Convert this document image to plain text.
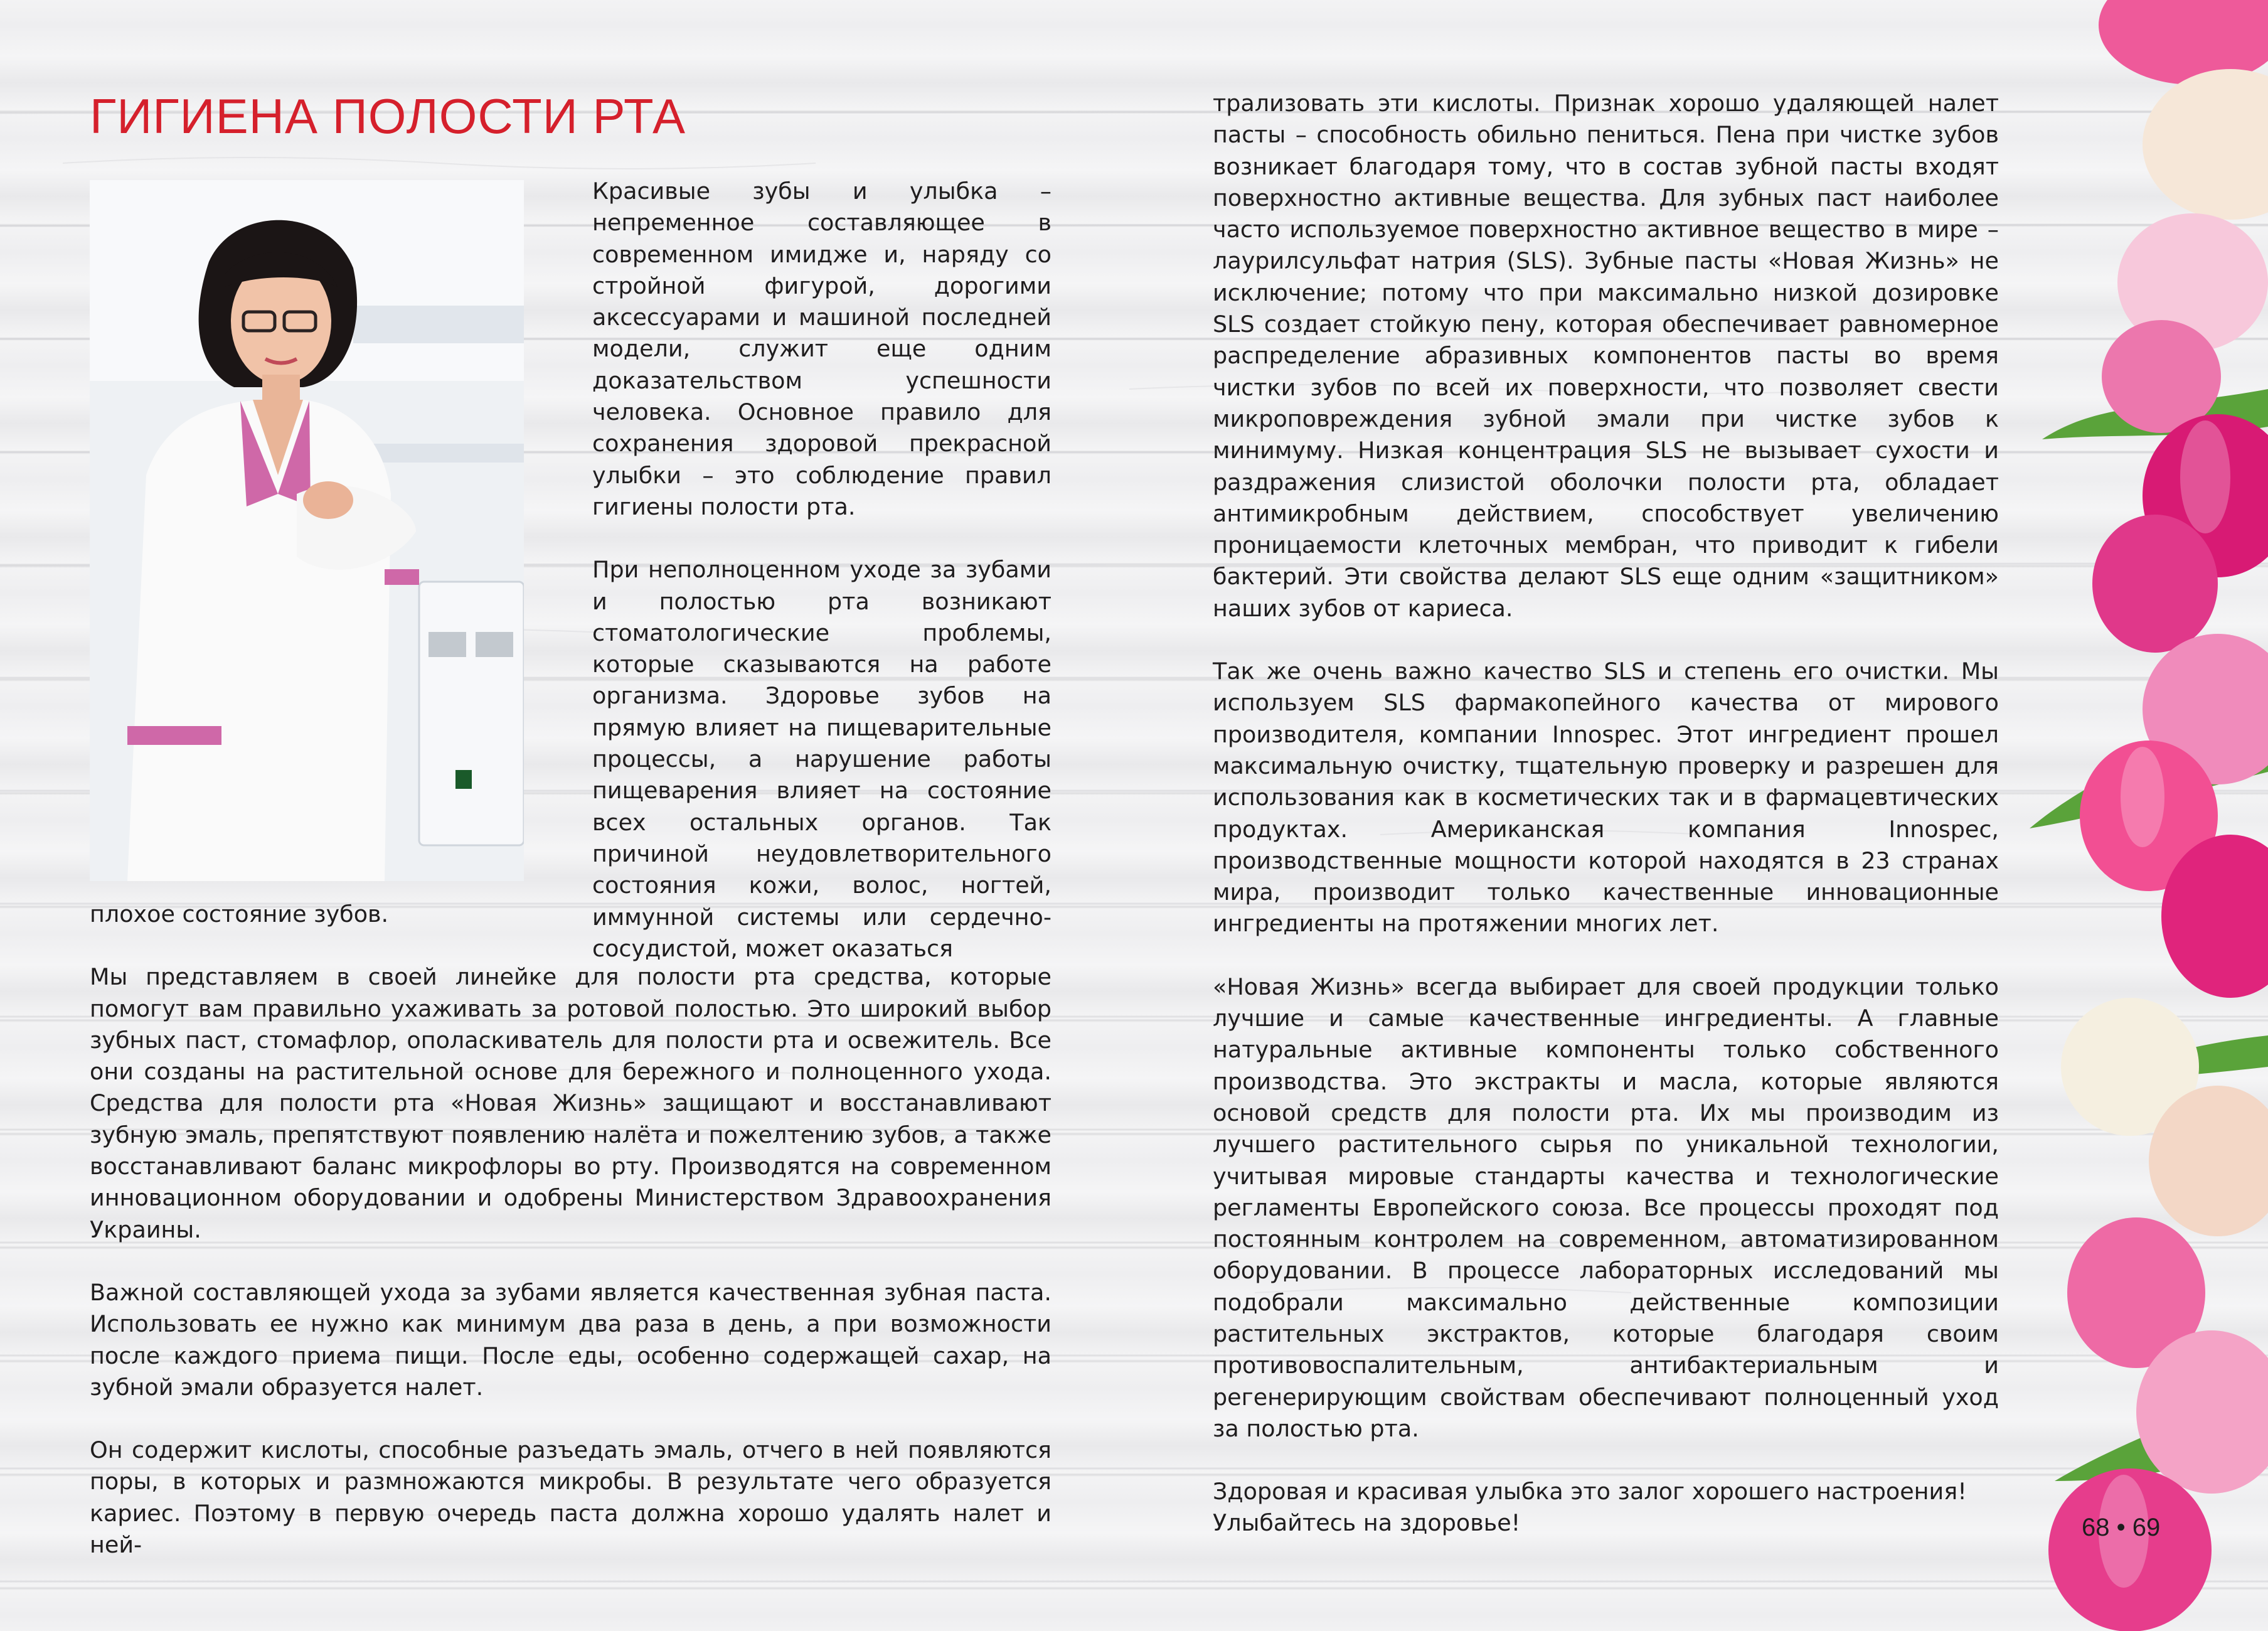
ГИГИЕНА ПОЛОСТИ РТА

Красивые зубы и улыбка – непременное составляющее в современном имидже и, наряду со стройной фигурой, дорогими аксессуарами и машиной последней модели, служит еще одним доказательством успешности человека. Основное правило для сохранения здоровой прекрасной улыбки – это соблюдение правил гигиены полости рта.

При неполноценном уходе за зубами и полостью рта возникают стоматологические проблемы, которые сказываются на работе организма. Здоровье зубов на прямую влияет на пищеварительные процессы, а нарушение работы пищеварения влияет на состояние всех остальных органов. Так причиной неудовлетворительного состояния кожи, волос, ногтей, иммунной системы или сердечно-сосудистой, может оказаться

плохое состояние зубов.

Мы представляем в своей линейке для полости рта средства, которые помогут вам правильно ухаживать за ротовой полостью. Это широкий выбор зубных паст, стомафлор, ополаскиватель для полости рта и освежитель. Все они созданы на растительной основе для бережного и полноценного ухода. Средства для полости рта «Новая Жизнь» защищают и восстанавливают зубную эмаль, препятствуют появлению налёта и пожелтению зубов, а также восстанавливают баланс микрофлоры во рту. Производятся на современном инновационном оборудовании и одобрены Министерством Здравоохранения Украины.

Важной составляющей ухода за зубами является качественная зубная паста. Использовать ее нужно как минимум два раза в день, а при возможности после каждого приема пищи. После еды, особенно содержащей сахар, на зубной эмали образуется налет.

Он содержит кислоты, способные разъедать эмаль, отчего в ней появляются поры, в которых и размножаются микробы. В результате чего образуется кариес. Поэтому в первую очередь паста должна хорошо удалять налет и ней-

трализовать эти кислоты. Признак хорошо удаляющей налет пасты – способность обильно пениться. Пена при чистке зубов возникает благодаря тому, что в состав зубной пасты входят поверхностно активные вещества. Для зубных паст наиболее часто используемое поверхностно активное вещество в мире – лаурилсульфат натрия (SLS). Зубные пасты «Новая Жизнь» не исключение; потому что при максимально низкой дозировке SLS создает стойкую пену, которая обеспечивает равномерное распределение абразивных компонентов пасты во время чистки зубов по всей их поверхности, что позволяет свести микроповреждения зубной эмали при чистке зубов к минимуму. Низкая концентрация SLS не вызывает сухости и раздражения слизистой оболочки полости рта, обладает антимикробным действием, способствует увеличению проницаемости клеточных мембран, что приводит к гибели бактерий. Эти свойства делают SLS еще одним «защитником» наших зубов от кариеса.

Так же очень важно качество SLS и степень его очистки. Мы используем SLS фармакопейного качества от мирового производителя, компании Innospec. Этот ингредиент прошел максимальную очистку, тщательную проверку и разрешен для использования как в косметических так и в фармацевтических продуктах. Американская компания Innospec, производственные мощности которой находятся в 23 странах мира, производит только качественные инновационные ингредиенты на протяжении многих лет.

«Новая Жизнь» всегда выбирает для своей продукции только лучшие и самые качественные ингредиенты. А главные натуральные активные компоненты только собственного производства. Это экстракты и масла, которые являются основой средств для полости рта. Их мы производим из лучшего растительного сырья по уникальной технологии, учитывая мировые стандарты качества и технологические регламенты Европейского союза. Все процессы проходят под постоянным контролем на современном, автоматизированном оборудовании. В процессе лабораторных исследований мы подобрали максимально действенные композиции растительных экстрактов, которые благодаря своим противовоспалительным, антибактериальным и регенерирующим свойствам обеспечивают полноценный уход за полостью рта.

Здоровая и красивая улыбка это залог хорошего настроения! Улыбайтесь на здоровье!	68 • 69
